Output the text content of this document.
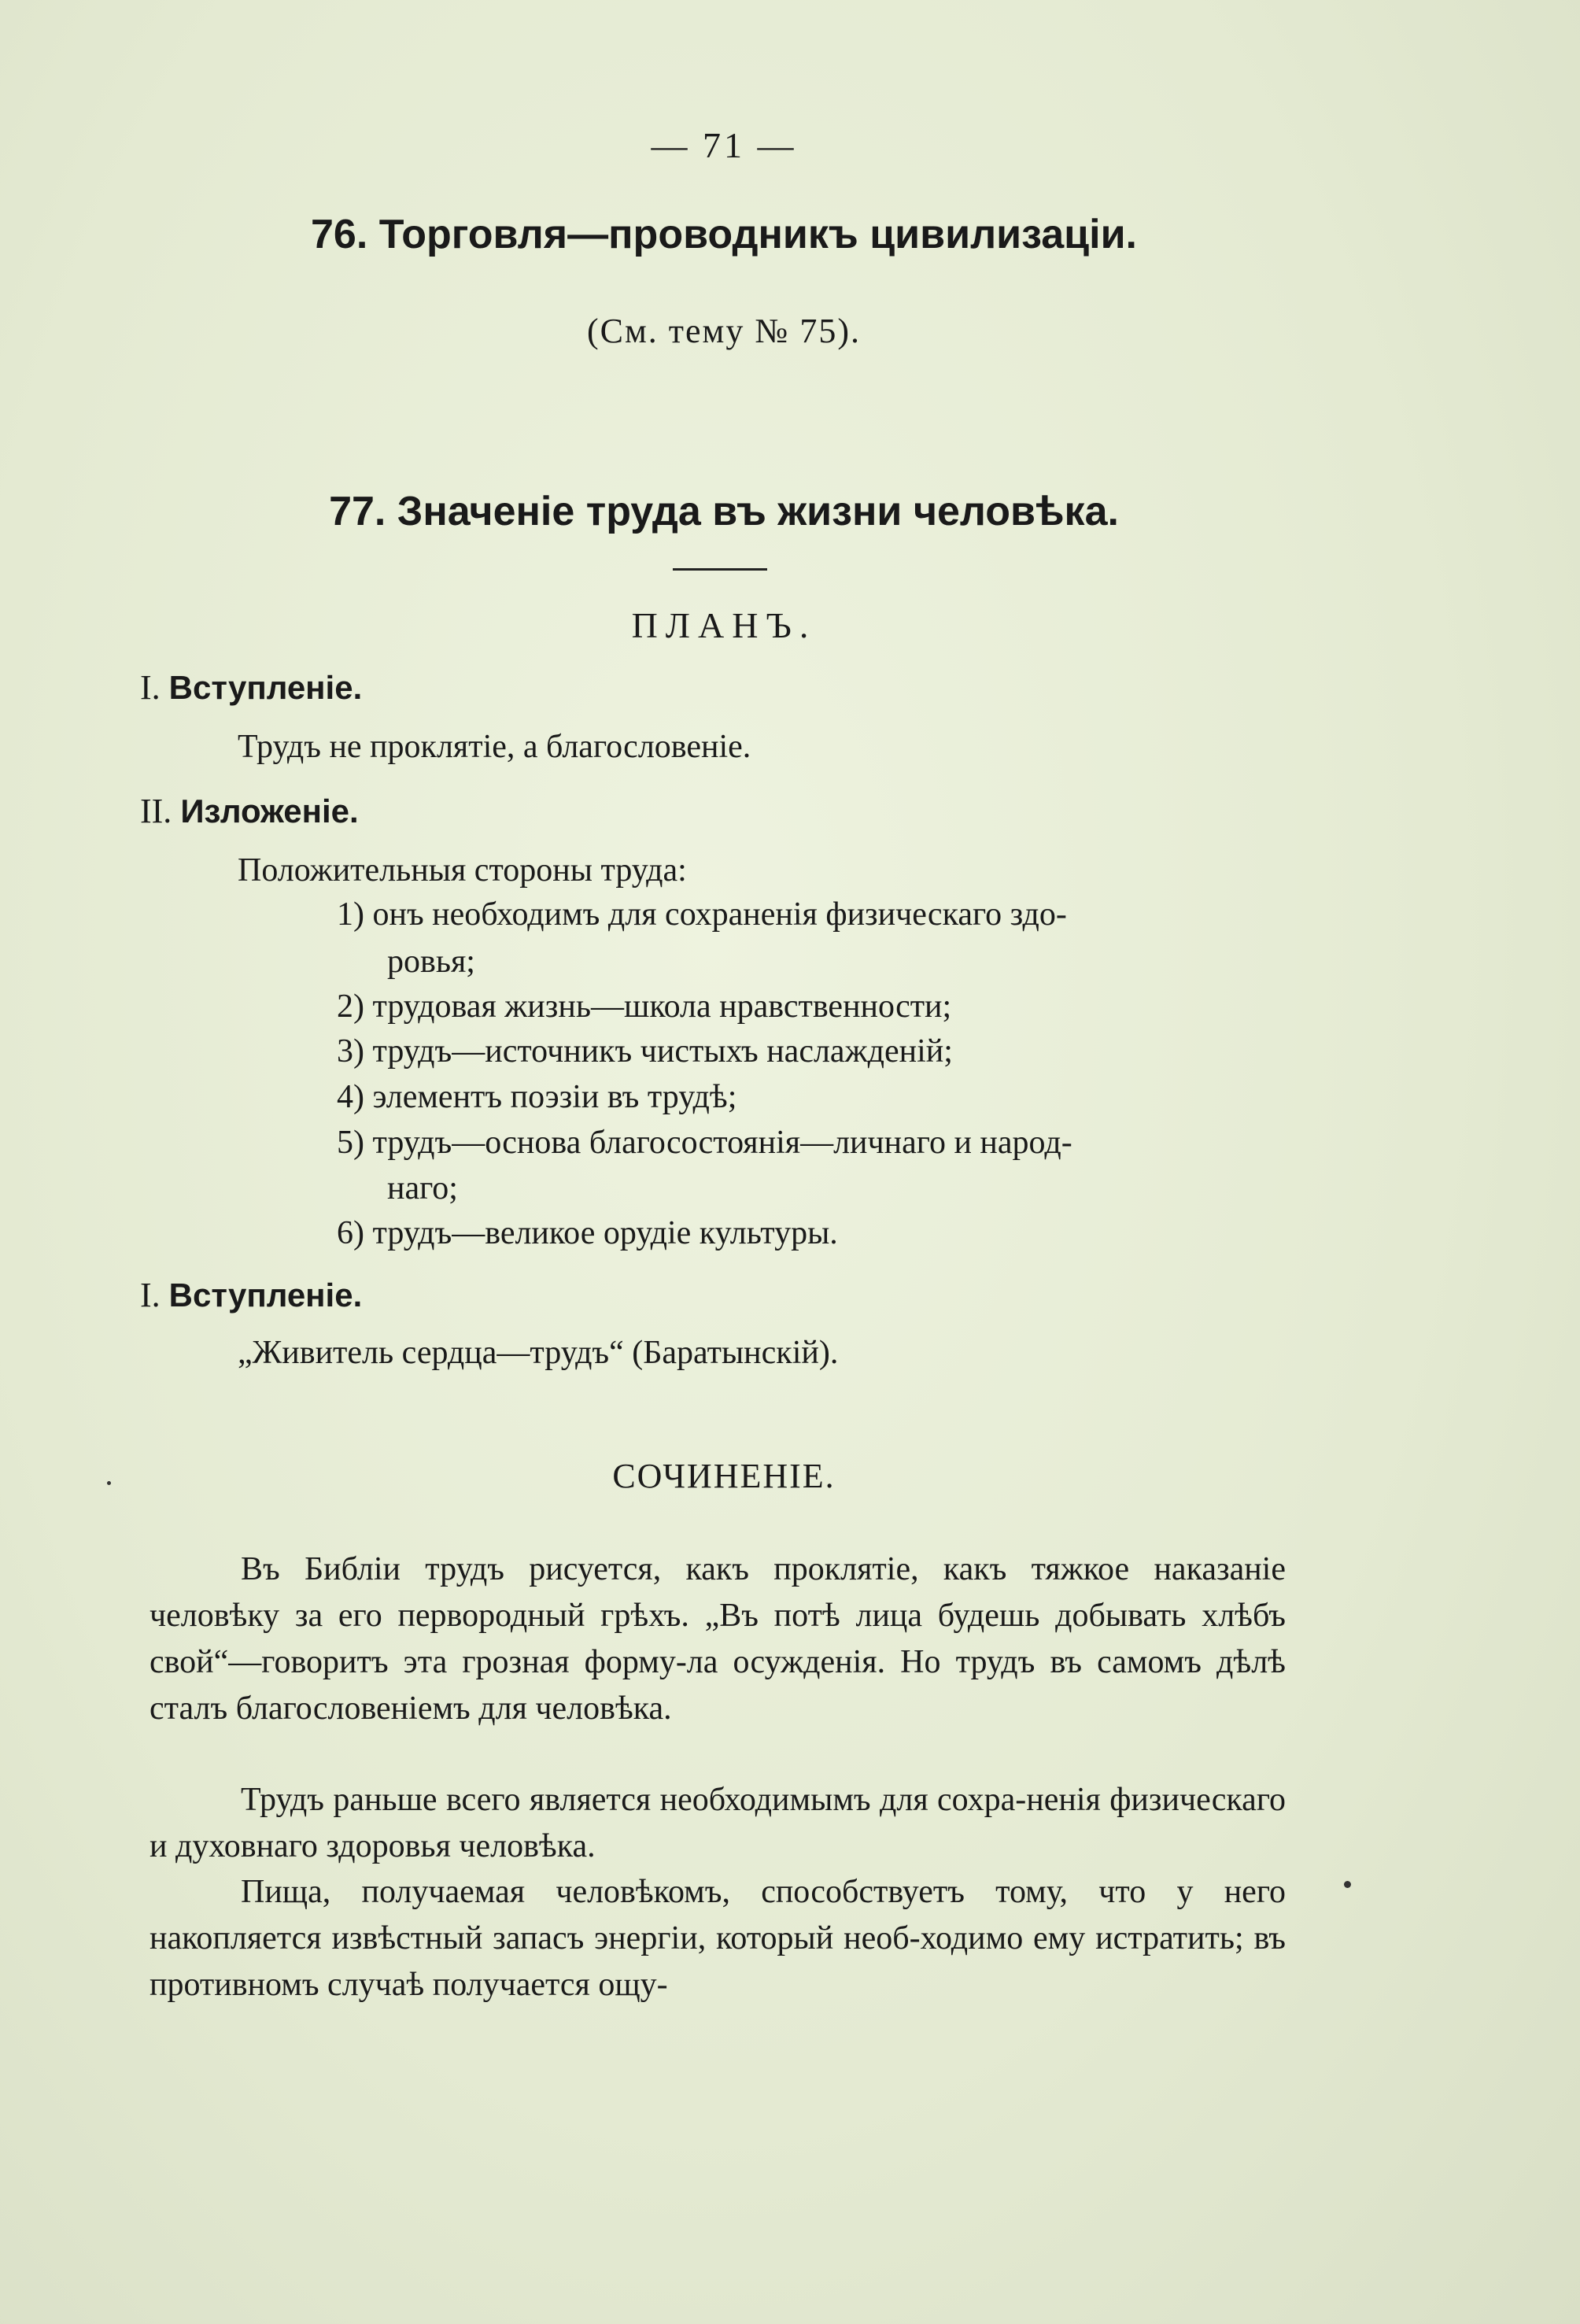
— 71 —
76. Торговля—проводникъ цивилизаціи.
(См. тему № 75).
77. Значеніе труда въ жизни человѣка.
ПЛАНЪ.
I. Вступленіе.
Трудъ не проклятіе, а благословеніе.
II. Изложеніе.
Положительныя стороны труда:
1) онъ необходимъ для сохраненія физическаго здо-
ровья;
2) трудовая жизнь—школа нравственности;
3) трудъ—источникъ чистыхъ наслажденій;
4) элементъ поэзіи въ трудѣ;
5) трудъ—основа благосостоянія—личнаго и народ-
наго;
6) трудъ—великое орудіе культуры.
I. Вступленіе.
„Живитель сердца—трудъ“ (Баратынскій).
СОЧИНЕНІЕ.
Въ Библіи трудъ рисуется, какъ проклятіе, какъ тяжкое наказаніе человѣку за его первородный грѣхъ. „Въ потѣ лица будешь добывать хлѣбъ свой“—говоритъ эта грозная форму-ла осужденія. Но трудъ въ самомъ дѣлѣ сталъ благословеніемъ для человѣка.
Трудъ раньше всего является необходимымъ для сохра-ненія физическаго и духовнаго здоровья человѣка.
Пища, получаемая человѣкомъ, способствуетъ тому, что у него накопляется извѣстный запасъ энергіи, который необ-ходимо ему истратить; въ противномъ случаѣ получается ощу-
